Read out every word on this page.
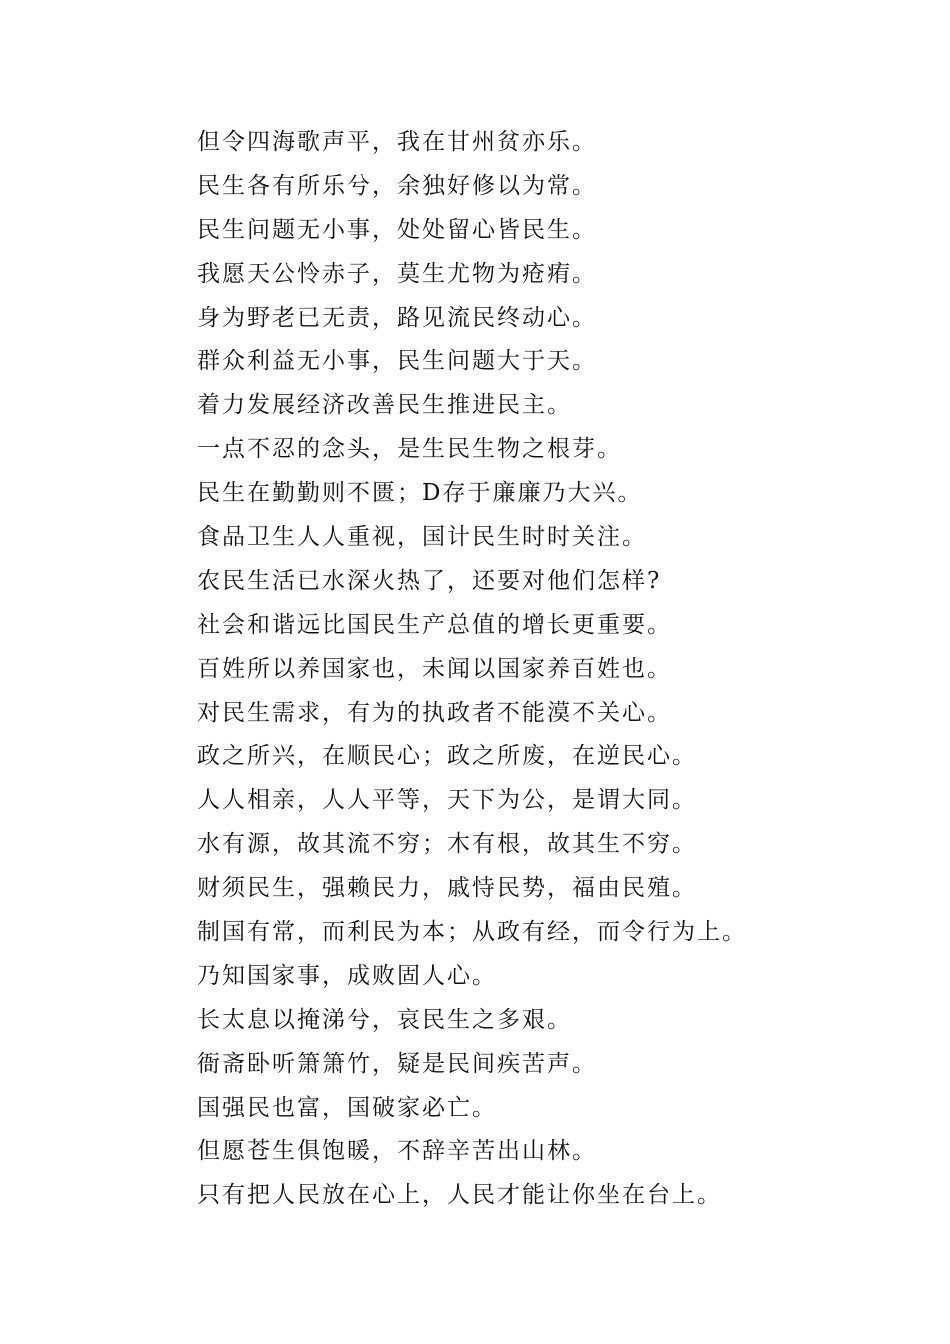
但令四海歌声平，我在甘州贫亦乐。
民生各有所乐兮，余独好修以为常。
民生问题无小事，处处留心皆民生。
我愿天公怜赤子，莫生尤物为疮痏。
身为野老已无责，路见流民终动心。
群众利益无小事，民生问题大于天。
着力发展经济改善民生推进民主。
一点不忍的念头，是生民生物之根芽。
民生在勤勤则不匮；D存于廉廉乃大兴。
食品卫生人人重视，国计民生时时关注。
农民生活已水深火热了，还要对他们怎样?
社会和谐远比国民生产总值的增长更重要。
百姓所以养国家也，未闻以国家养百姓也。
对民生需求，有为的执政者不能漠不关心。
政之所兴，在顺民心；政之所废，在逆民心。
人人相亲，人人平等，天下为公，是谓大同。
水有源，故其流不穷；木有根，故其生不穷。
财须民生，强赖民力，戚恃民势，福由民殖。
制国有常，而利民为本；从政有经，而令行为上。
乃知国家事，成败固人心。
长太息以掩涕兮，哀民生之多艰。
衙斋卧听箫箫竹，疑是民间疾苦声。
国强民也富，国破家必亡。
但愿苍生俱饱暖，不辞辛苦出山林。
只有把人民放在心上，人民才能让你坐在台上。
